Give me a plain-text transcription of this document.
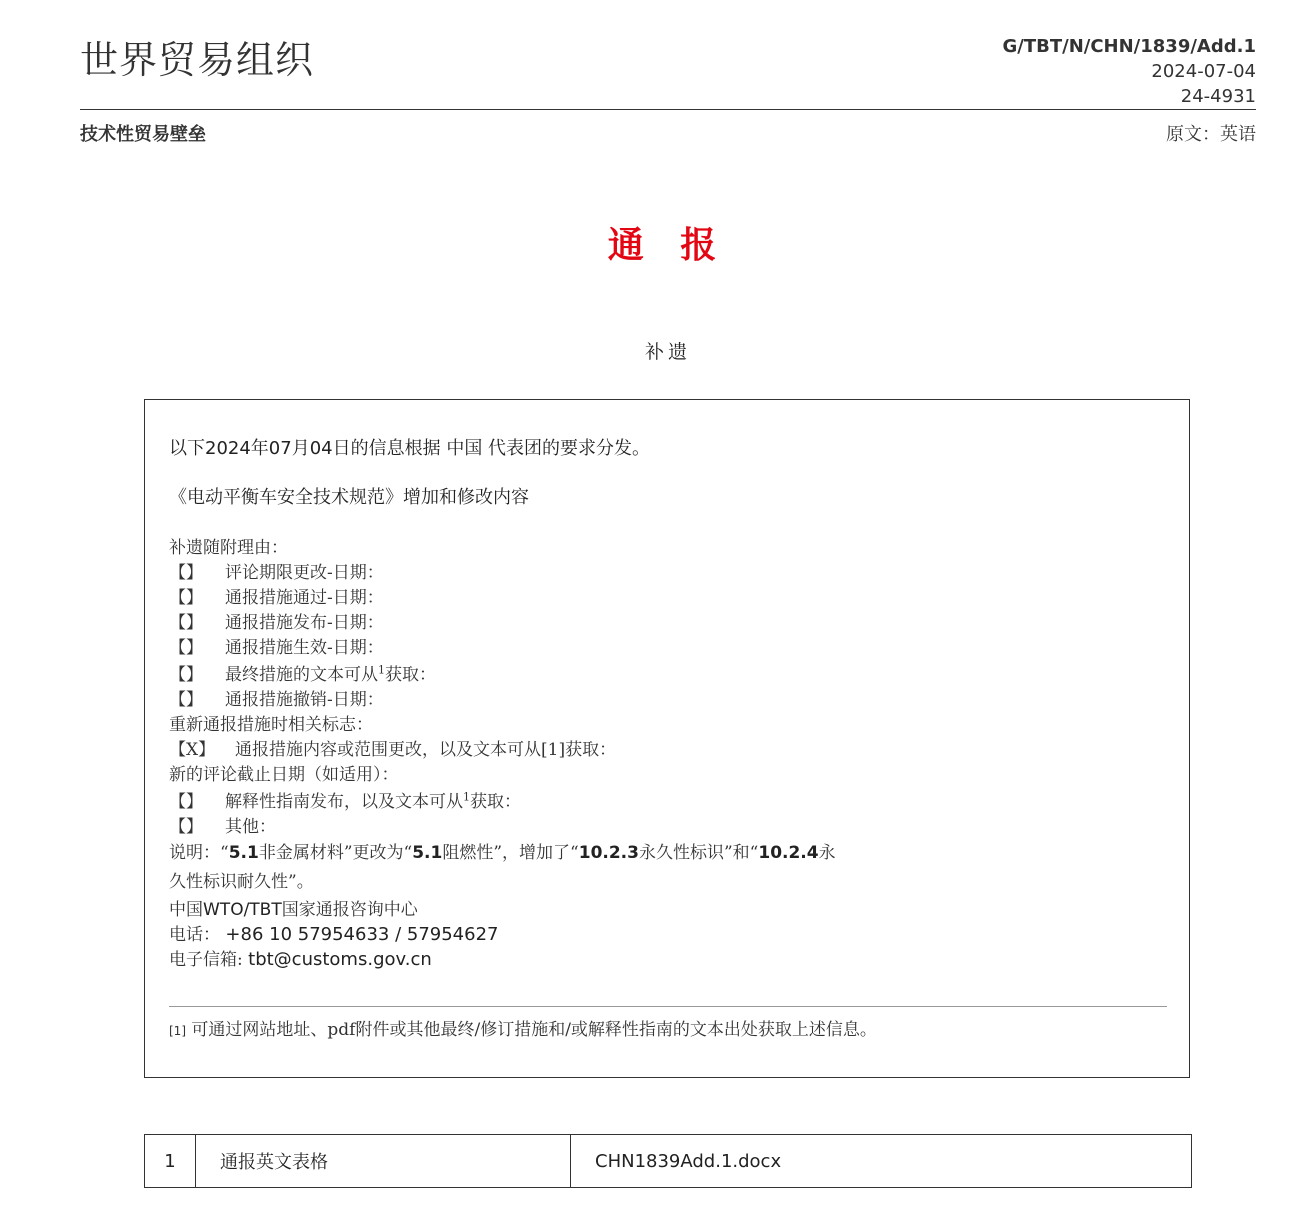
世界贸易组织	G/TBT/N/CHN/1839/Add.1
2024-07-04
24-4931
技术性贸易壁垒	原文：英语
通 报
补遗
以下2024年07月04日的信息根据 中国 代表团的要求分发。
《电动平衡车安全技术规范》增加和修改内容
补遗随附理由：
【】 评论期限更改-日期：
【】 通报措施通过-日期：
【】 通报措施发布-日期：
【】 通报措施生效-日期：
【】 最终措施的文本可从$^1$获取：
【】 通报措施撤销-日期：
重新通报措施时相关标志：
【X】 通报措施内容或范围更改，以及文本可从[1]获取：
新的评论截止日期（如适用）：
【】 解释性指南发布，以及文本可从$^1$获取：
【】 其他：
说明：“5.1非金属材料”更改为“5.1阻燃性”，增加了“10.2.3永久性标识”和“10.2.4永
久性标识耐久性”。
中国WTO/TBT国家通报咨询中心
电话： +86 10 57954633 / 57954627
电子信箱: tbt@customs.gov.cn
[1] 可通过网站地址、pdf附件或其他最终/修订措施和/或解释性指南的文本出处获取上述信息。
1	通报英文表格	CHN1839Add.1.docx
